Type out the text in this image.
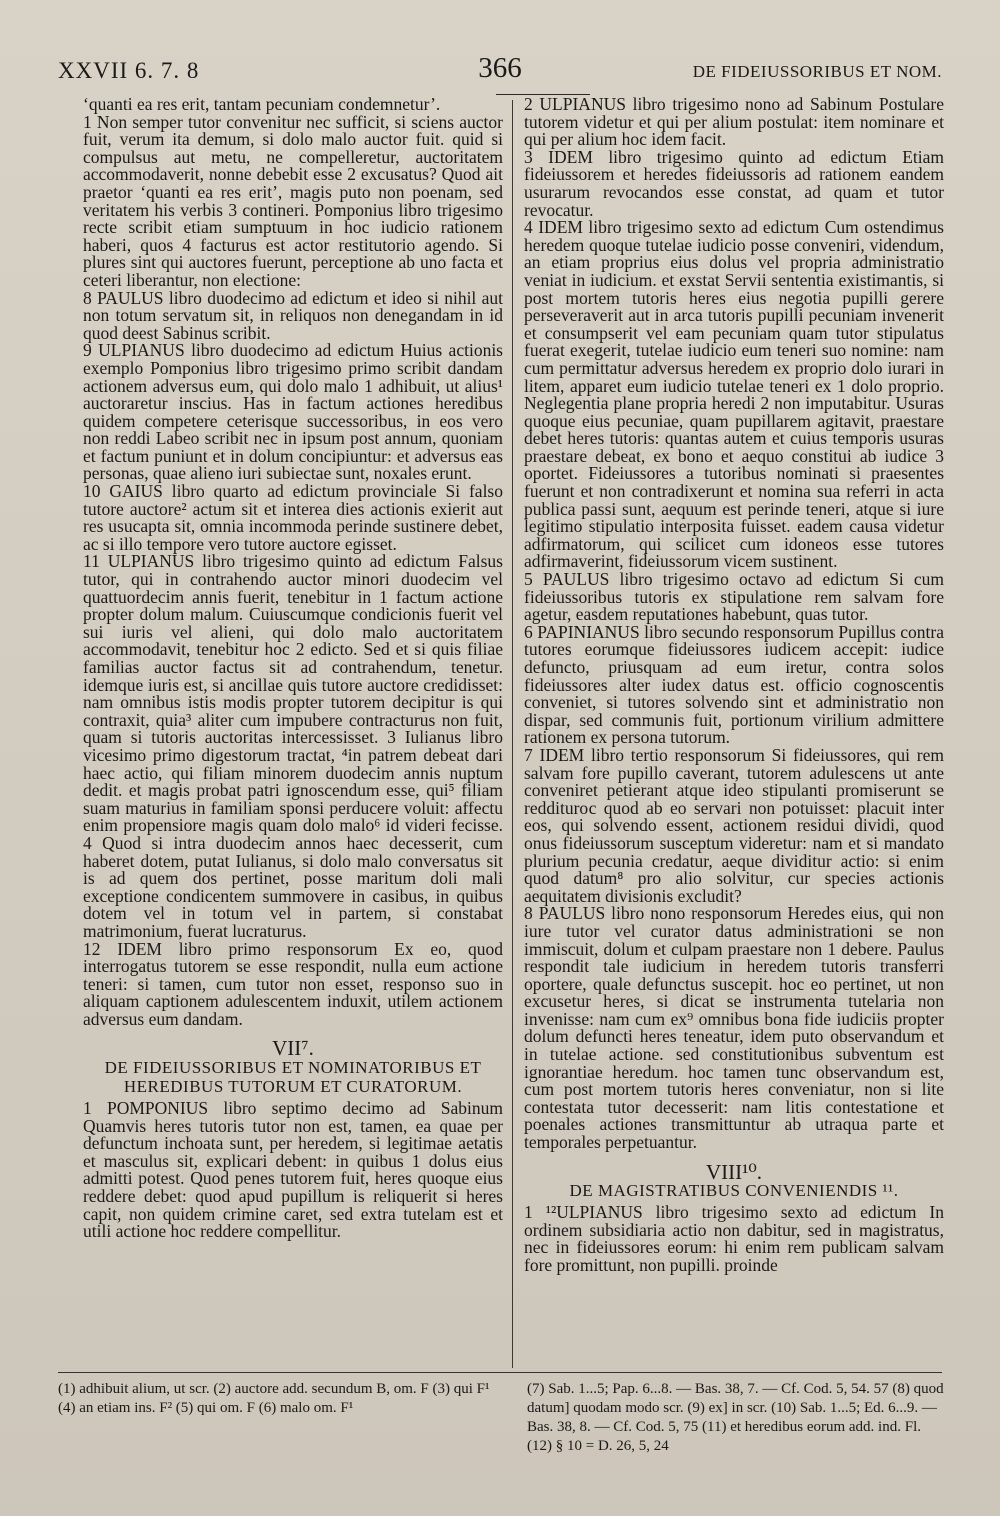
XXVII 6. 7. 8	366	DE FIDEIUSSORIBUS ET NOM.

‘quanti ea res erit, tantam pecuniam condemnetur’.

1 Non semper tutor convenitur nec sufficit, si sciens auctor fuit, verum ita demum, si dolo malo auctor fuit. quid si compulsus aut metu, ne compelleretur, auctoritatem accommodaverit, nonne debebit esse 2 excusatus? Quod ait praetor ‘quanti ea res erit’, magis puto non poenam, sed veritatem his verbis 3 contineri. Pomponius libro trigesimo recte scribit etiam sumptuum in hoc iudicio rationem haberi, quos 4 facturus est actor restitutorio agendo. Si plures sint qui auctores fuerunt, perceptione ab uno facta et ceteri liberantur, non electione:

8 PAULUS libro duodecimo ad edictum et ideo si nihil aut non totum servatum sit, in reliquos non denegandam in id quod deest Sabinus scribit.

9 ULPIANUS libro duodecimo ad edictum Huius actionis exemplo Pomponius libro trigesimo primo scribit dandam actionem adversus eum, qui dolo malo 1 adhibuit, ut alius¹ auctoraretur inscius. Has in factum actiones heredibus quidem competere ceterisque successoribus, in eos vero non reddi Labeo scribit nec in ipsum post annum, quoniam et factum puniunt et in dolum concipiuntur: et adversus eas personas, quae alieno iuri subiectae sunt, noxales erunt.

10 GAIUS libro quarto ad edictum provinciale Si falso tutore auctore² actum sit et interea dies actionis exierit aut res usucapta sit, omnia incommoda perinde sustinere debet, ac si illo tempore vero tutore auctore egisset.

11 ULPIANUS libro trigesimo quinto ad edictum Falsus tutor, qui in contrahendo auctor minori duodecim vel quattuordecim annis fuerit, tenebitur in 1 factum actione propter dolum malum. Cuiuscumque condicionis fuerit vel sui iuris vel alieni, qui dolo malo auctoritatem accommodavit, tenebitur hoc 2 edicto. Sed et si quis filiae familias auctor factus sit ad contrahendum, tenetur. idemque iuris est, si ancillae quis tutore auctore credidisset: nam omnibus istis modis propter tutorem decipitur is qui contraxit, quia³ aliter cum impubere contracturus non fuit, quam si tutoris auctoritas intercessisset. 3 Iulianus libro vicesimo primo digestorum tractat, ⁴in patrem debeat dari haec actio, qui filiam minorem duodecim annis nuptum dedit. et magis probat patri ignoscendum esse, qui⁵ filiam suam maturius in familiam sponsi perducere voluit: affectu enim propensiore magis quam dolo malo⁶ id videri fecisse. 4 Quod si intra duodecim annos haec decesserit, cum haberet dotem, putat Iulianus, si dolo malo conversatus sit is ad quem dos pertinet, posse maritum doli mali exceptione condicentem summovere in casibus, in quibus dotem vel in totum vel in partem, si constabat matrimonium, fuerat lucraturus.

12 IDEM libro primo responsorum Ex eo, quod interrogatus tutorem se esse respondit, nulla eum actione teneri: si tamen, cum tutor non esset, responso suo in aliquam captionem adulescentem induxit, utilem actionem adversus eum dandam.

VII⁷.
DE FIDEIUSSORIBUS ET NOMINATORIBUS ET HEREDIBUS TUTORUM ET CURATORUM.

1 POMPONIUS libro septimo decimo ad Sabinum Quamvis heres tutoris tutor non est, tamen, ea quae per defunctum inchoata sunt, per heredem, si legitimae aetatis et masculus sit, explicari debent: in quibus 1 dolus eius admitti potest. Quod penes tutorem fuit, heres quoque eius reddere debet: quod apud pupillum is reliquerit si heres capit, non quidem crimine caret, sed extra tutelam est et utili actione hoc reddere compellitur.

2 ULPIANUS libro trigesimo nono ad Sabinum Postulare tutorem videtur et qui per alium postulat: item nominare et qui per alium hoc idem facit.

3 IDEM libro trigesimo quinto ad edictum Etiam fideiussorem et heredes fideiussoris ad rationem eandem usurarum revocandos esse constat, ad quam et tutor revocatur.

4 IDEM libro trigesimo sexto ad edictum Cum ostendimus heredem quoque tutelae iudicio posse conveniri, videndum, an etiam proprius eius dolus vel propria administratio veniat in iudicium. et exstat Servii sententia existimantis, si post mortem tutoris heres eius negotia pupilli gerere perseveraverit aut in arca tutoris pupilli pecuniam invenerit et consumpserit vel eam pecuniam quam tutor stipulatus fuerat exegerit, tutelae iudicio eum teneri suo nomine: nam cum permittatur adversus heredem ex proprio dolo iurari in litem, apparet eum iudicio tutelae teneri ex 1 dolo proprio. Neglegentia plane propria heredi 2 non imputabitur. Usuras quoque eius pecuniae, quam pupillarem agitavit, praestare debet heres tutoris: quantas autem et cuius temporis usuras praestare debeat, ex bono et aequo constitui ab iudice 3 oportet. Fideiussores a tutoribus nominati si praesentes fuerunt et non contradixerunt et nomina sua referri in acta publica passi sunt, aequum est perinde teneri, atque si iure legitimo stipulatio interposita fuisset. eadem causa videtur adfirmatorum, qui scilicet cum idoneos esse tutores adfirmaverint, fideiussorum vicem sustinent.

5 PAULUS libro trigesimo octavo ad edictum Si cum fideiussoribus tutoris ex stipulatione rem salvam fore agetur, easdem reputationes habebunt, quas tutor.

6 PAPINIANUS libro secundo responsorum Pupillus contra tutores eorumque fideiussores iudicem accepit: iudice defuncto, priusquam ad eum iretur, contra solos fideiussores alter iudex datus est. officio cognoscentis conveniet, si tutores solvendo sint et administratio non dispar, sed communis fuit, portionum virilium admittere rationem ex persona tutorum.

7 IDEM libro tertio responsorum Si fideiussores, qui rem salvam fore pupillo caverant, tutorem adulescens ut ante conveniret petierant atque ideo stipulanti promiserunt se redditurос quod ab eo servari non potuisset: placuit inter eos, qui solvendo essent, actionem residui dividi, quod onus fideiussorum susceptum videretur: nam et si mandato plurium pecunia credatur, aeque dividitur actio: si enim quod datum⁸ pro alio solvitur, cur species actionis aequitatem divisionis excludit?

8 PAULUS libro nono responsorum Heredes eius, qui non iure tutor vel curator datus administrationi se non immiscuit, dolum et culpam praestare non 1 debere. Paulus respondit tale iudicium in heredem tutoris transferri oportere, quale defunctus suscepit. hoc eo pertinet, ut non excusetur heres, si dicat se instrumenta tutelaria non invenisse: nam cum ex⁹ omnibus bona fide iudiciis propter dolum defuncti heres teneatur, idem puto observandum et in tutelae actione. sed constitutionibus subventum est ignorantiae heredum. hoc tamen tunc observandum est, cum post mortem tutoris heres conveniatur, non si lite contestata tutor decesserit: nam litis contestatione et poenales actiones transmittuntur ab utraqua parte et temporales perpetuantur.

VIII¹⁰.
DE MAGISTRATIBUS CONVENIENDIS ¹¹.

1 ¹²ULPIANUS libro trigesimo sexto ad edictum In ordinem subsidiaria actio non dabitur, sed in magistratus, nec in fideiussores eorum: hi enim rem publicam salvam fore promittunt, non pupilli. proinde

(1) adhibuit alium, ut scr. (2) auctore add. secundum B, om. F (3) qui F¹ (4) an etiam ins. F² (5) qui om. F (6) malo om. F¹
(7) Sab. 1...5; Pap. 6...8. — Bas. 38, 7. — Cf. Cod. 5, 54. 57 (8) quod datum] quodam modo scr. (9) ex] in scr. (10) Sab. 1...5; Ed. 6...9. — Bas. 38, 8. — Cf. Cod. 5, 75 (11) et heredibus eorum add. ind. Fl. (12) § 10 = D. 26, 5, 24
